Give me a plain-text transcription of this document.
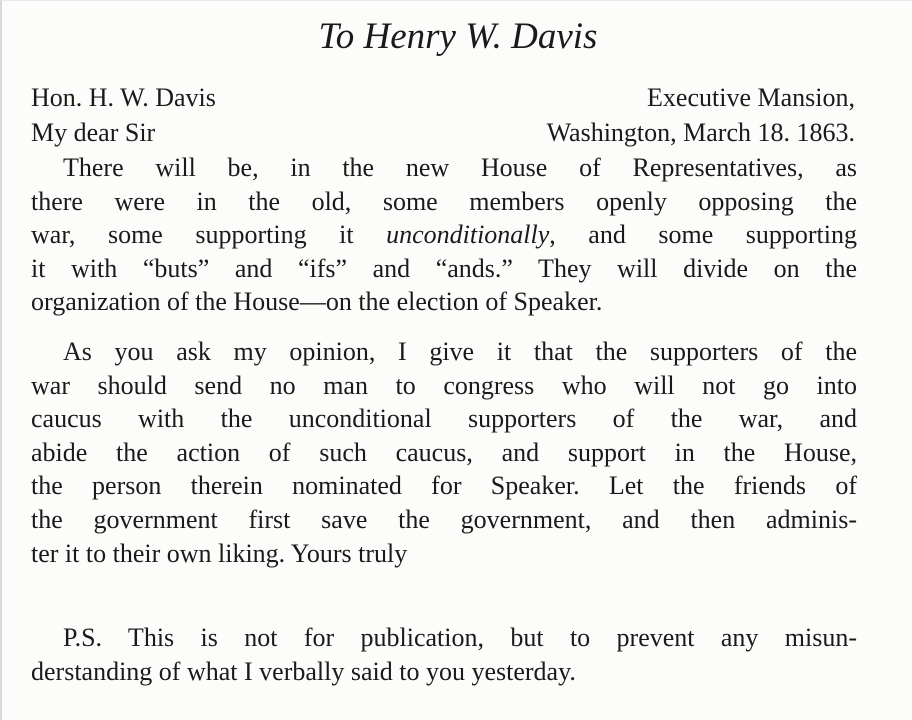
To Henry W. Davis
Hon. H. W. Davis	Executive Mansion,
My dear Sir	Washington, March 18. 1863.
There will be, in the new House of Representatives, as
there were in the old, some members openly opposing the
war, some supporting it unconditionally, and some supporting
it with “buts” and “ifs” and “ands.” They will divide on the
organization of the House—on the election of Speaker.
As you ask my opinion, I give it that the supporters of the
war should send no man to congress who will not go into
caucus with the unconditional supporters of the war, and
abide the action of such caucus, and support in the House,
the person therein nominated for Speaker. Let the friends of
the government first save the government, and then adminis-
ter it to their own liking. Yours truly
P.S. This is not for publication, but to prevent any misun-
derstanding of what I verbally said to you yesterday.
